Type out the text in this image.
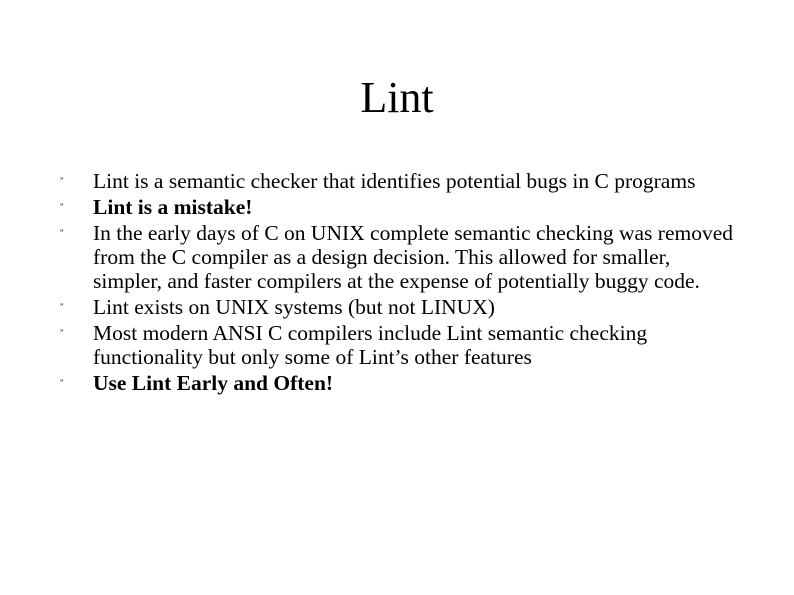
Lint
" Lint is a semantic checker that identifies potential bugs in C programs
" Lint is a mistake!
" In the early days of C on UNIX complete semantic checking was removed from the C compiler as a design decision. This allowed for smaller, simpler, and faster compilers at the expense of potentially buggy code.
" Lint exists on UNIX systems (but not LINUX)
" Most modern ANSI C compilers include Lint semantic checking functionality but only some of Lint’s other features
" Use Lint Early and Often!
